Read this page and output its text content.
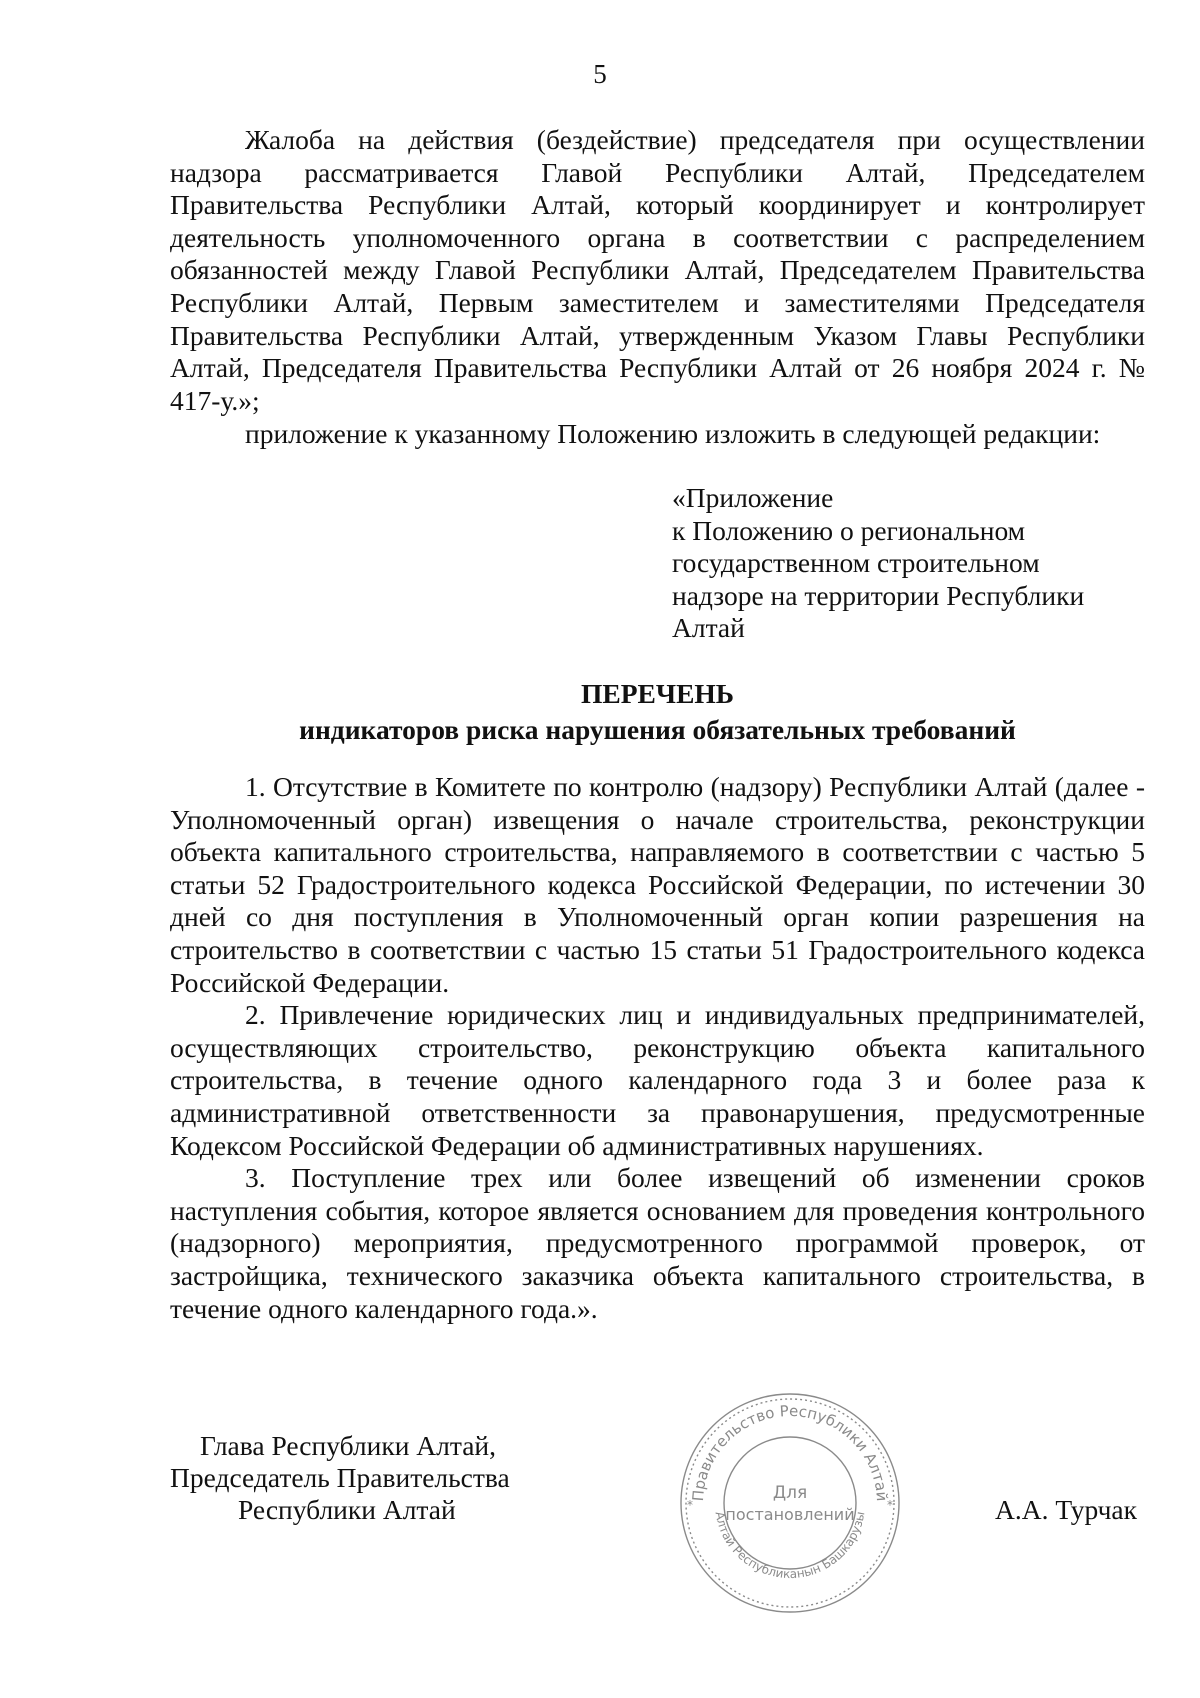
5

Жалоба на действия (бездействие) председателя при осуществлении надзора рассматривается Главой Республики Алтай, Председателем Правительства Республики Алтай, который координирует и контролирует деятельность уполномоченного органа в соответствии с распределением обязанностей между Главой Республики Алтай, Председателем Правительства Республики Алтай, Первым заместителем и заместителями Председателя Правительства Республики Алтай, утвержденным Указом Главы Республики Алтай, Председателя Правительства Республики Алтай от 26 ноября 2024 г. № 417-у.»;

приложение к указанному Положению изложить в следующей редакции:

«Приложение
к Положению о региональном
государственном строительном
надзоре на территории Республики
Алтай
ПЕРЕЧЕНЬ
индикаторов риска нарушения обязательных требований

1. Отсутствие в Комитете по контролю (надзору) Республики Алтай (далее - Уполномоченный орган) извещения о начале строительства, реконструкции объекта капитального строительства, направляемого в соответствии с частью 5 статьи 52 Градостроительного кодекса Российской Федерации, по истечении 30 дней со дня поступления в Уполномоченный орган копии разрешения на строительство в соответствии с частью 15 статьи 51 Градостроительного кодекса Российской Федерации.

2. Привлечение юридических лиц и индивидуальных предпринимателей, осуществляющих строительство, реконструкцию объекта капитального строительства, в течение одного календарного года 3 и более раза к административной ответственности за правонарушения, предусмотренные Кодексом Российской Федерации об административных нарушениях.

3. Поступление трех или более извещений об изменении сроков наступления события, которое является основанием для проведения контрольного (надзорного) мероприятия, предусмотренного программой проверок, от застройщика, технического заказчика объекта капитального строительства, в течение одного календарного года.».

Глава Республики Алтай,
Председатель Правительства
Республики Алтай	Правительство Республики Алтай
Алтай Республиканын Башкарузы
Для
постановлений
*	*	А.А. Турчак
